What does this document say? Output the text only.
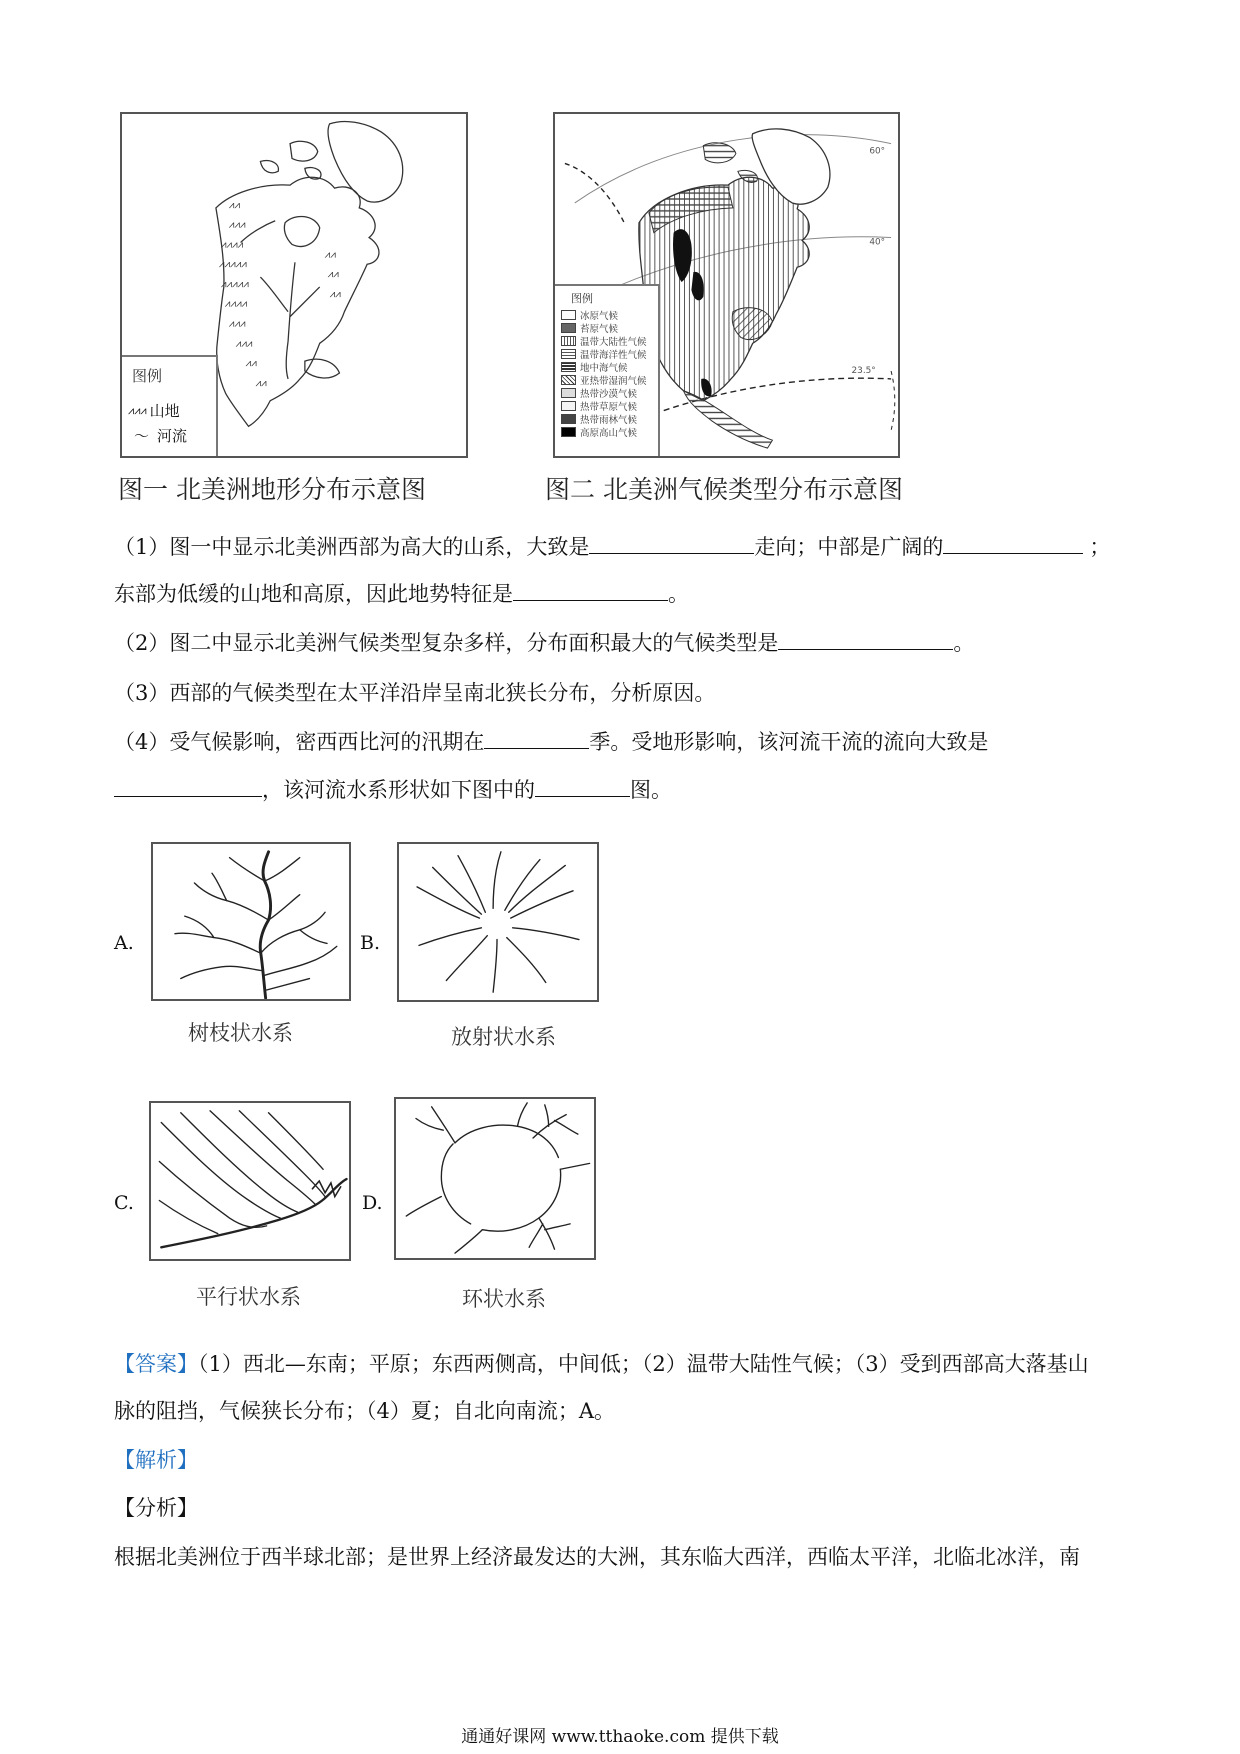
⩘⩘
⩘⩘⩘
⩘⩘⩘⩘
⩘⩘⩘⩘⩘
⩘⩘⩘⩘⩘
⩘⩘⩘⩘
⩘⩘⩘
⩘⩘⩘
⩘⩘
⩘⩘
⩘⩘
⩘⩘
⩘⩘
图例
⩘⩘⩘ 山地
〜 河流
图一 北美洲地形分布示意图
60°
40°
23.5°
图例
冰原气候
苔原气候
温带大陆性气候
温带海洋性气候
地中海气候
亚热带湿润气候
热带沙漠气候
热带草原气候
热带雨林气候
高原高山气候
图二 北美洲气候类型分布示意图
（1）图一中显示北美洲西部为高大的山系，大致是	走向；中部是广阔的	；
东部为低缓的山地和高原，因此地势特征是	。
（2）图二中显示北美洲气候类型复杂多样，分布面积最大的气候类型是	。
（3）西部的气候类型在太平洋沿岸呈南北狭长分布，分析原因。
（4）受气候影响，密西西比河的汛期在	季。受地形影响，该河流干流的流向大致是
，该河流水系形状如下图中的	图。
A.
树枝状水系
B.
放射状水系
C.
平行状水系
D.
环状水系
【答案】（1）西北—东南；平原；东西两侧高，中间低；（2）温带大陆性气候；（3）受到西部高大落基山
脉的阻挡，气候狭长分布；（4）夏；自北向南流；A。
【解析】
【分析】
根据北美洲位于西半球北部；是世界上经济最发达的大洲，其东临大西洋，西临太平洋，北临北冰洋，南
通通好课网 www.tthaoke.com 提供下载
